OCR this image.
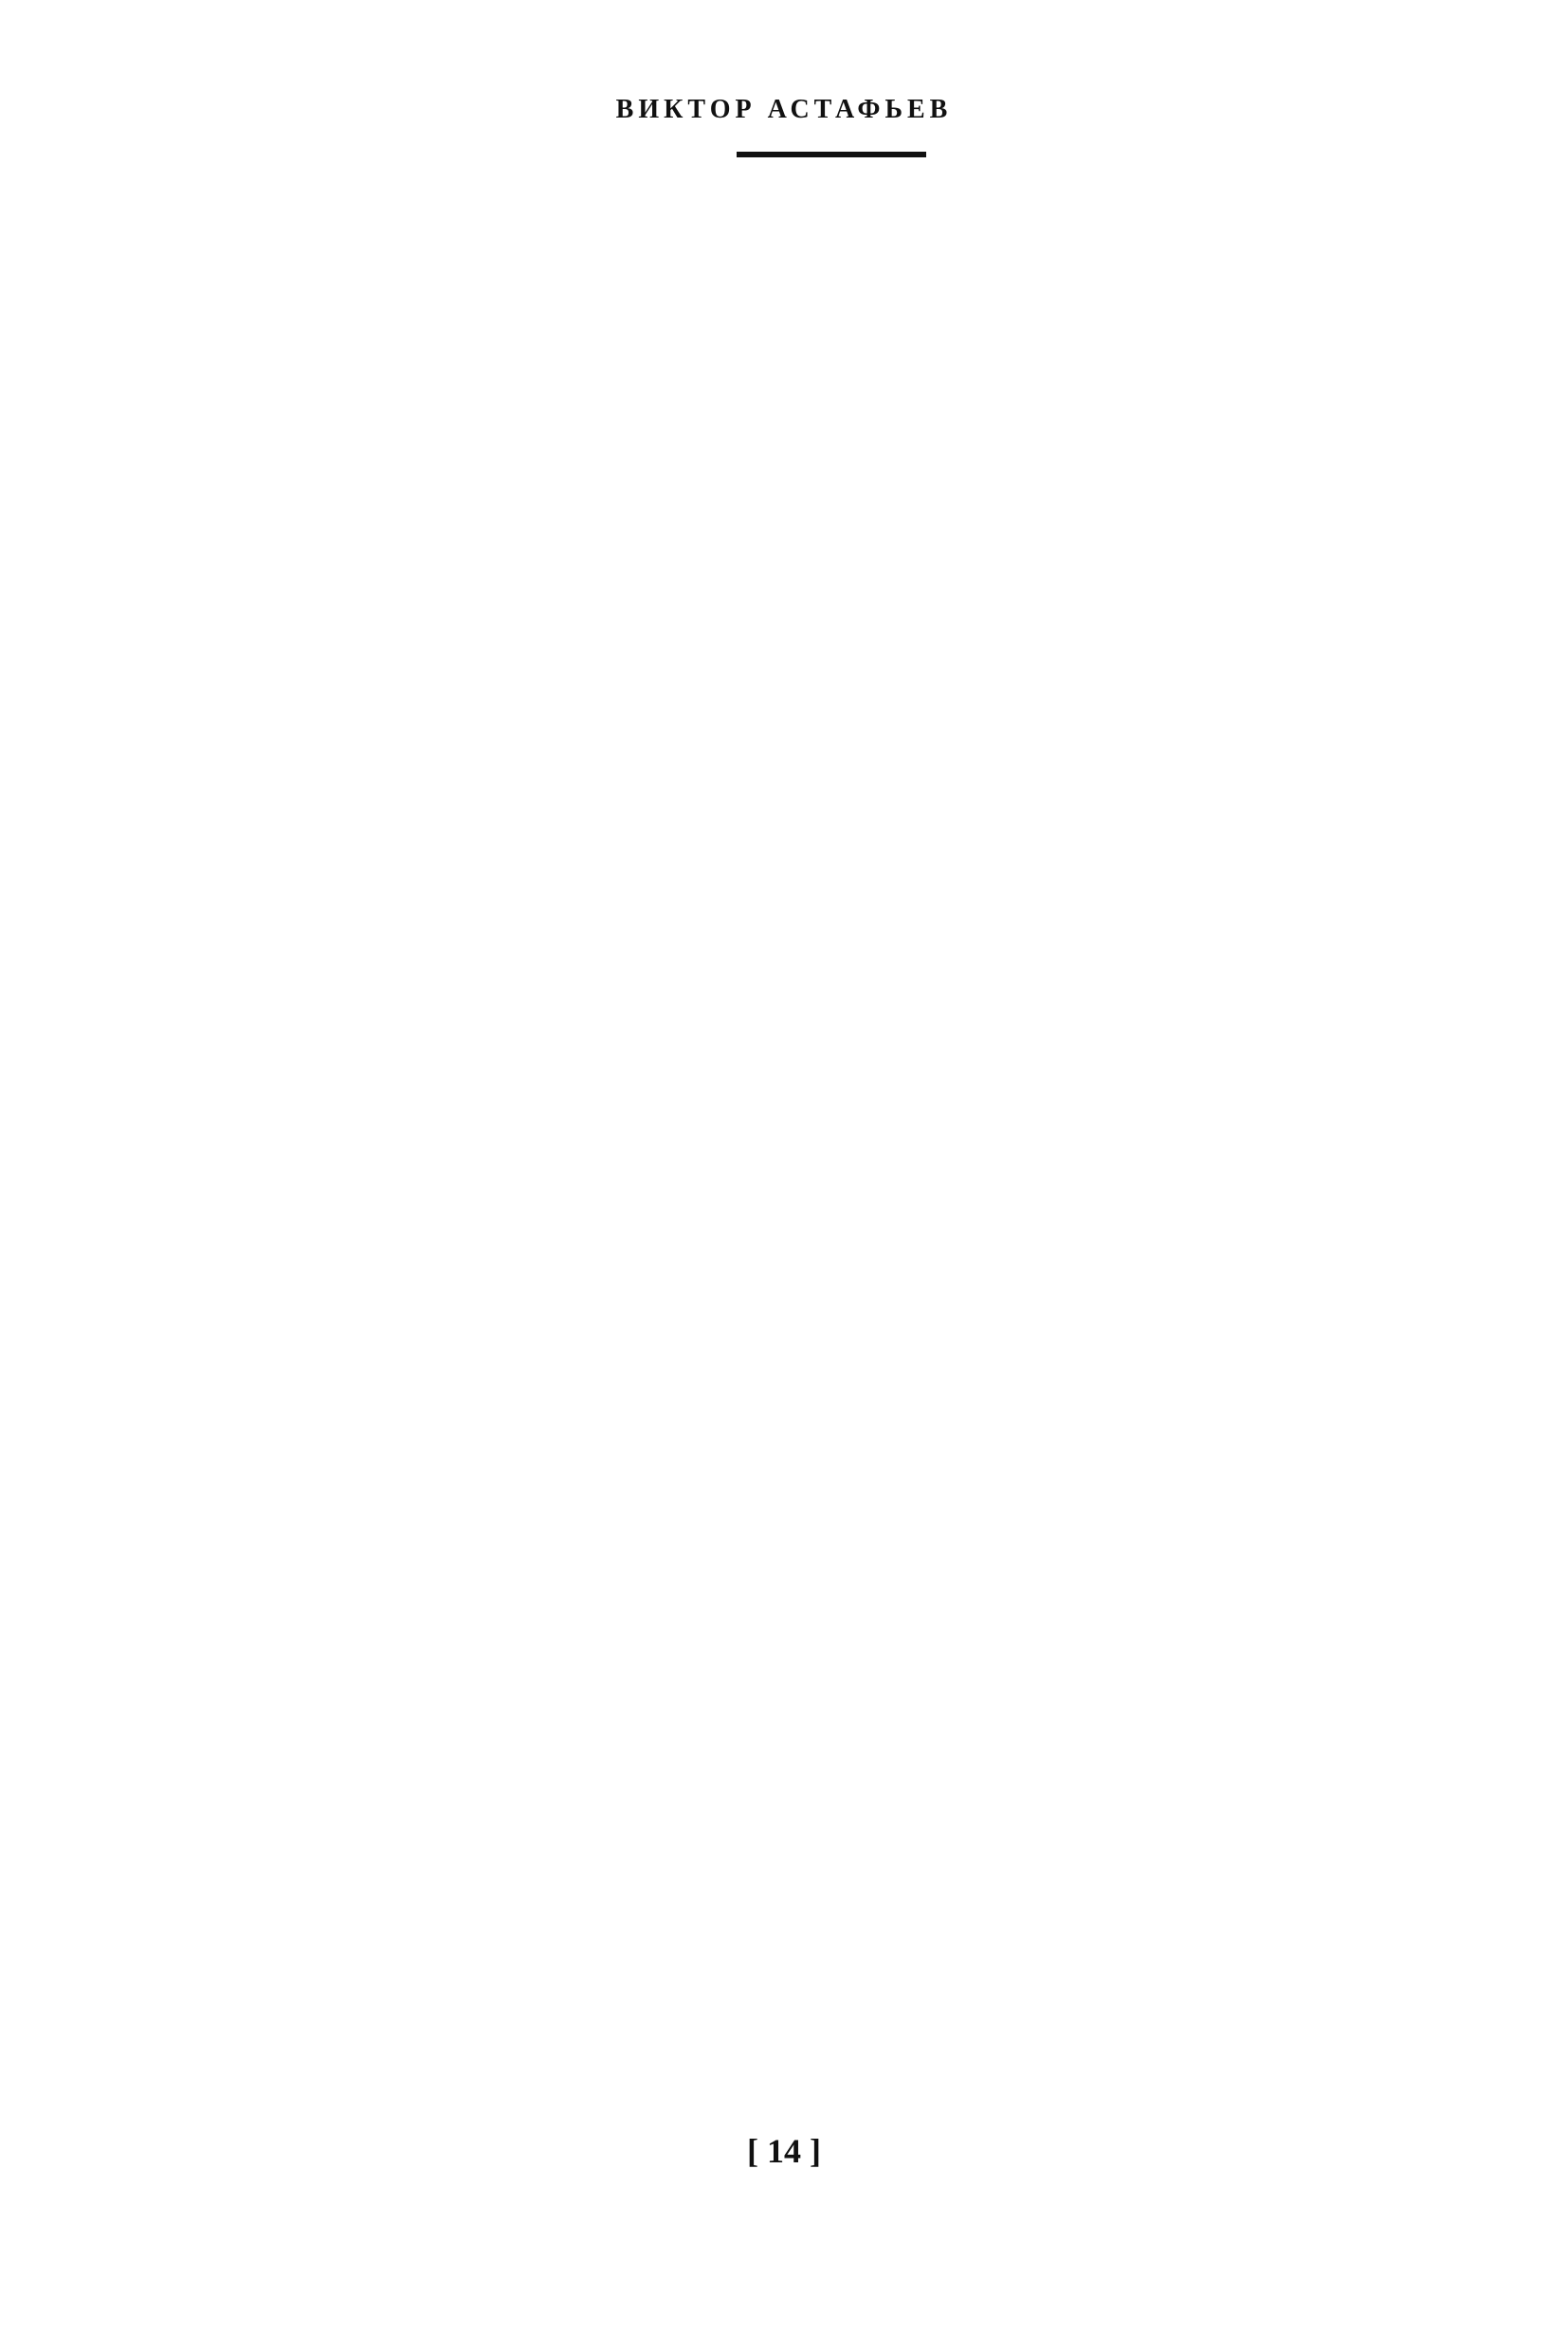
ВИКТОР АСТАФЬЕВ

[ 14 ]
